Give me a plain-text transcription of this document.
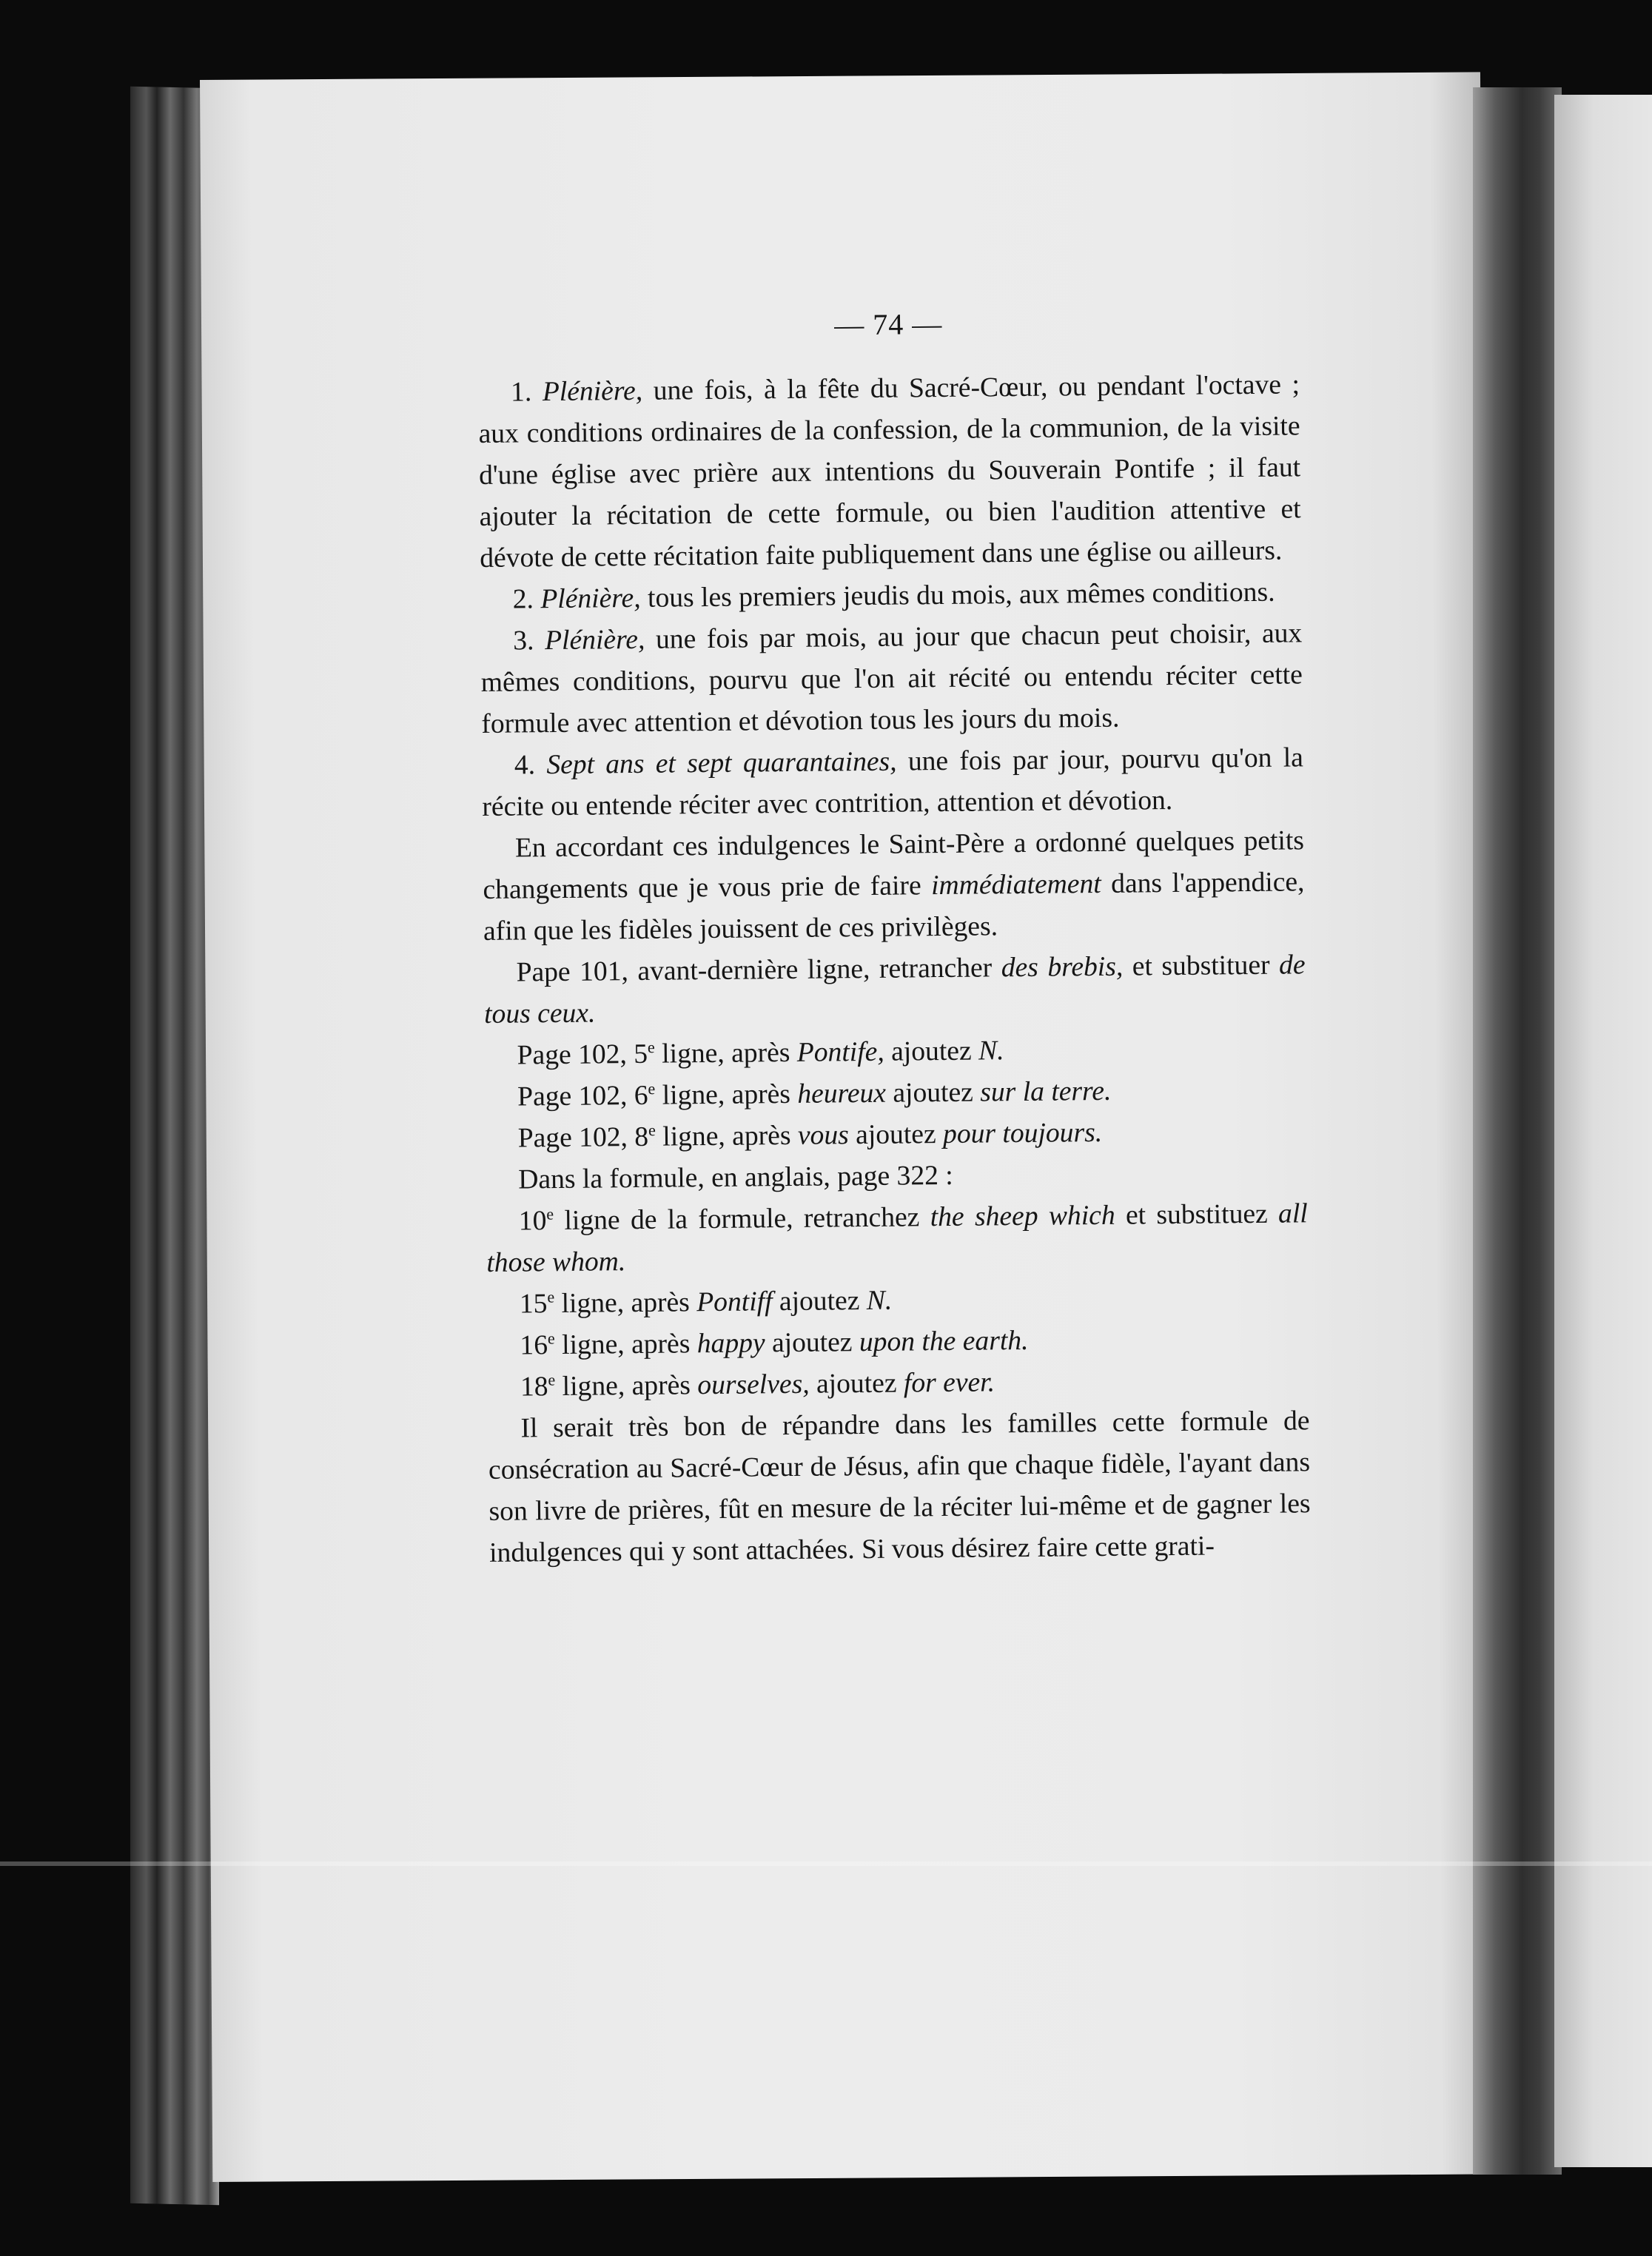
— 74 —

1. Plénière, une fois, à la fête du Sacré-Cœur, ou pendant l'octave ; aux conditions ordinaires de la confession, de la communion, de la visite d'une église avec prière aux intentions du Souverain Pontife ; il faut ajouter la récitation de cette formule, ou bien l'audition attentive et dévote de cette récitation faite publiquement dans une église ou ailleurs.

2. Plénière, tous les premiers jeudis du mois, aux mêmes conditions.

3. Plénière, une fois par mois, au jour que chacun peut choisir, aux mêmes conditions, pourvu que l'on ait récité ou entendu réciter cette formule avec attention et dévotion tous les jours du mois.

4. Sept ans et sept quarantaines, une fois par jour, pourvu qu'on la récite ou entende réciter avec contrition, attention et dévotion.

En accordant ces indulgences le Saint-Père a ordonné quelques petits changements que je vous prie de faire immédiatement dans l'appendice, afin que les fidèles jouissent de ces privilèges.

Pape 101, avant-dernière ligne, retrancher des brebis, et substituer de tous ceux.

Page 102, 5e ligne, après Pontife, ajoutez N.

Page 102, 6e ligne, après heureux ajoutez sur la terre.

Page 102, 8e ligne, après vous ajoutez pour toujours.

Dans la formule, en anglais, page 322 :

10e ligne de la formule, retranchez the sheep which et substituez all those whom.

15e ligne, après Pontiff ajoutez N.

16e ligne, après happy ajoutez upon the earth.

18e ligne, après ourselves, ajoutez for ever.

Il serait très bon de répandre dans les familles cette formule de consécration au Sacré-Cœur de Jésus, afin que chaque fidèle, l'ayant dans son livre de prières, fût en mesure de la réciter lui-même et de gagner les indulgences qui y sont attachées. Si vous désirez faire cette grati-
